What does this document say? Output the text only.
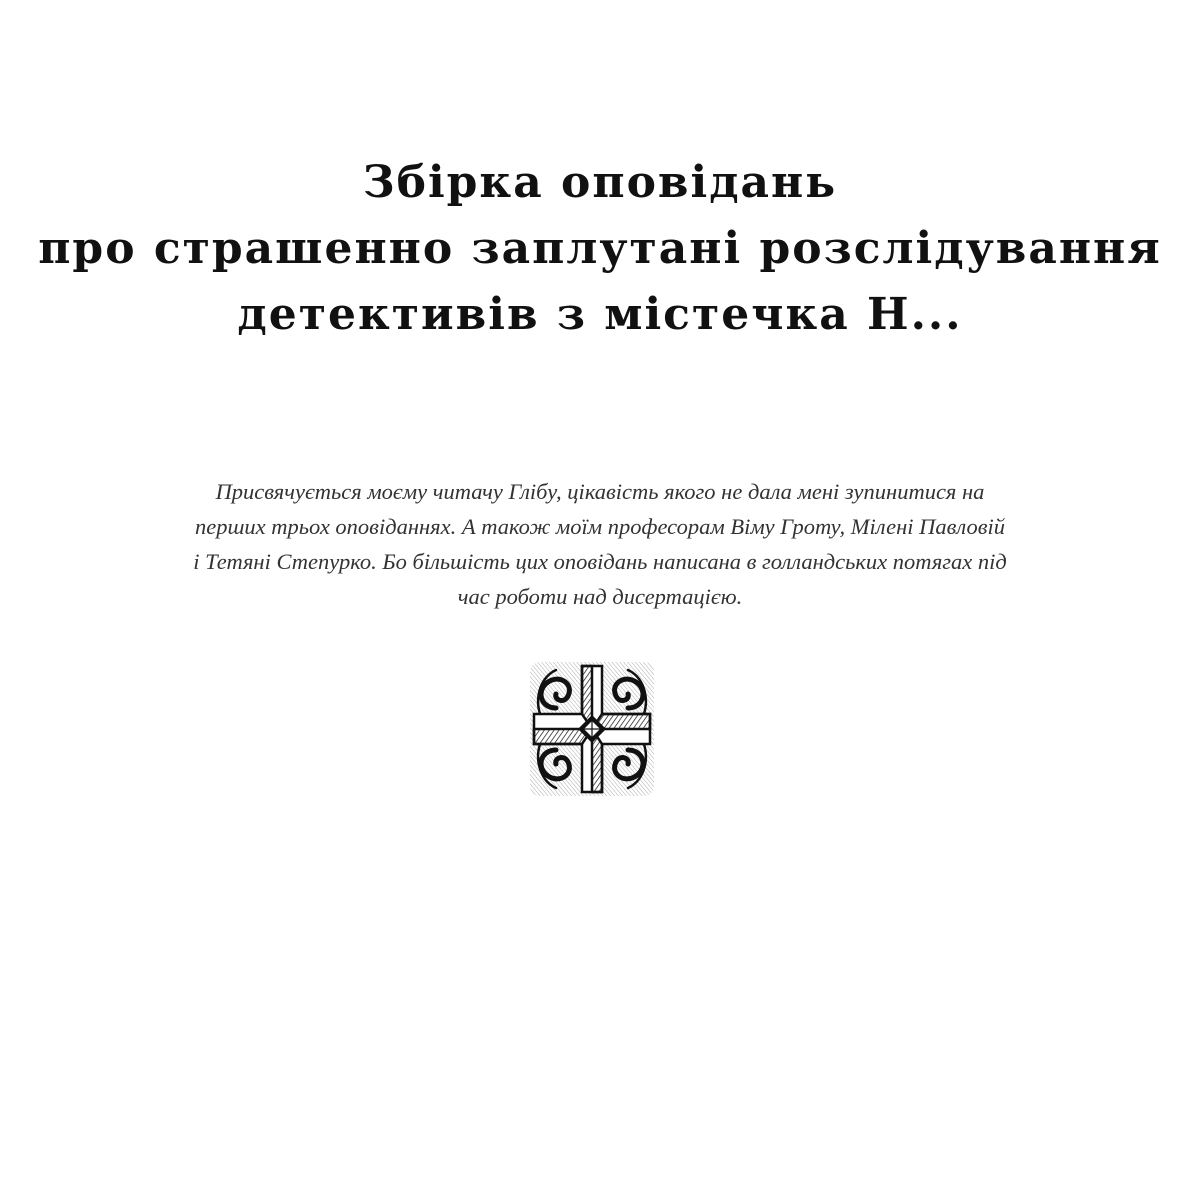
Збірка оповідань
про страшенно заплутані розслідування
детективів з містечка Н...
Присвячується моєму читачу Глібу, цікавість якого не дала мені зупинитися на
перших трьох оповіданнях. А також моїм професорам Віму Гроту, Мілені Павловій
і Тетяні Степурко. Бо більшість цих оповідань написана в голландських потягах під
час роботи над дисертацією.
